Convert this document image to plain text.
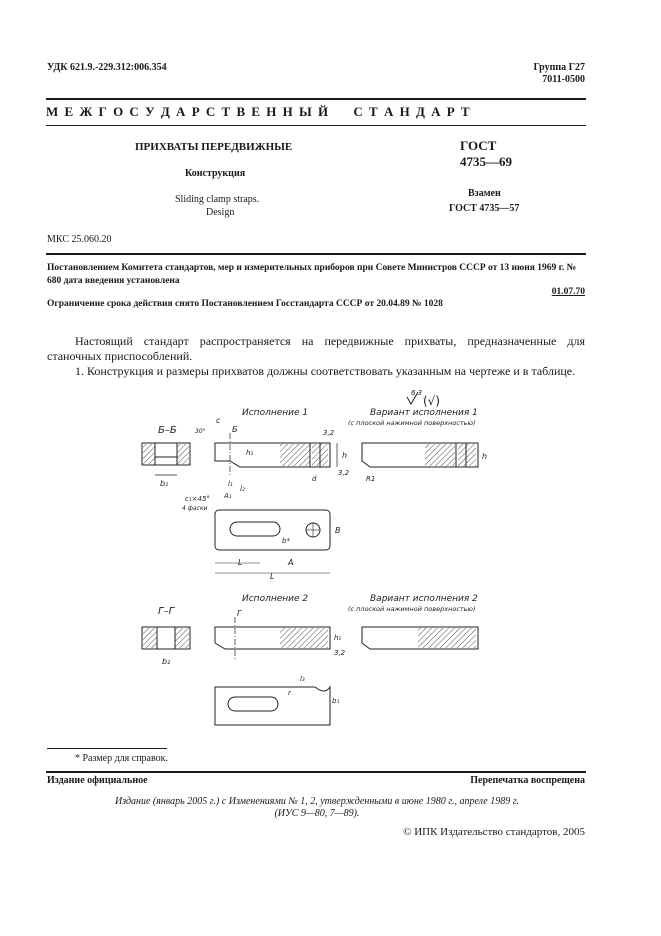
УДК 621.9.-229.312:006.354	Группа Г27
7011-0500
М Е Ж Г О С У Д А Р С Т В Е Н Н Ы Й     С Т А Н Д А Р Т
ПРИХВАТЫ ПЕРЕДВИЖНЫЕ
Конструкция
Sliding clamp straps.
Design
ГОСТ
4735—69
Взамен
ГОСТ 4735—57
МКС 25.060.20
Постановлением Комитета стандартов, мер и измерительных приборов при Совете Министров СССР от 13 июня 1969 г. № 680 дата введения установлена
01.07.70
Ограничение срока действия снято Постановлением Госстандарта СССР от 20.04.89 № 1028
Настоящий стандарт распространяется на передвижные прихваты, предназначенные для станочных приспособлений.
1. Конструкция и размеры прихватов должны соответствовать указанным на чертеже и в таблице.
6,3
(√)
Исполнение 1	Вариант исполнения 1
(с плоской нажимной поверхностью)
Б–Б
b₁
Б
c
30°
h₁
3,2
3,2
d
h
l₁
l₂
A₁
c₁×45°
4 фаски
R1
h
b*
B
L	A
L
Исполнение 2	Вариант исполнения 2
(с плоской нажимной поверхностью)
Г–Г
b₂
Г
3,2
h₁
l₃
r
b₁
* Размер для справок.
Издание официальное	Перепечатка воспрещена
Издание (январь 2005 г.) с Изменениями № 1, 2, утвержденными в июне 1980 г., апреле 1989 г.
(ИУС 9—80, 7—89).
© ИПК Издательство стандартов, 2005
